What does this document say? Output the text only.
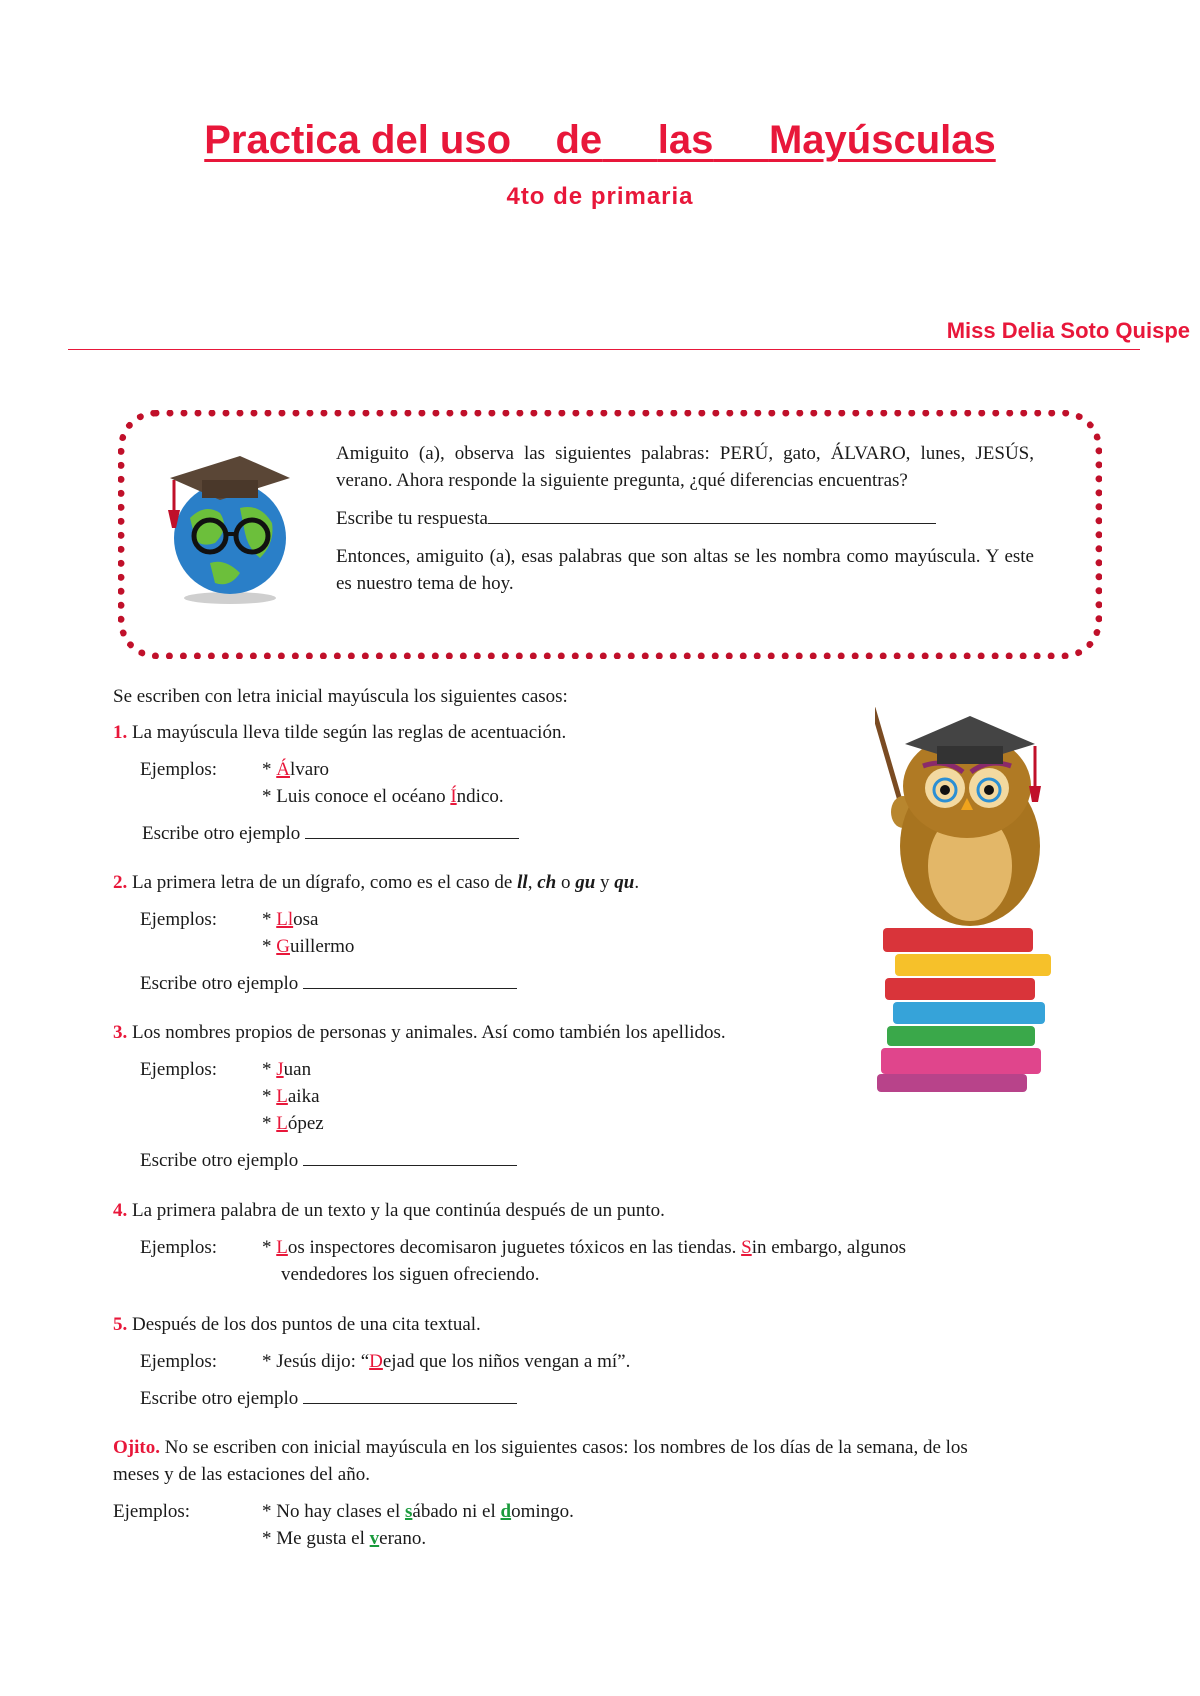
Practica del uso de las Mayúsculas
4to de primaria
Miss Delia Soto Quispe

Amiguito (a), observa las siguientes palabras: PERÚ, gato, ÁLVARO, lunes, JESÚS, verano. Ahora responde la siguiente pregunta, ¿qué diferencias encuentras?

Escribe tu respuesta

Entonces, amiguito (a), esas palabras que son altas se les nombra como mayúscula. Y este es nuestro tema de hoy.

Se escriben con letra inicial mayúscula los siguientes casos:
1. La mayúscula lleva tilde según las reglas de acentuación.
Ejemplos: * Álvaro
* Luis conoce el océano Índico.
Escribe otro ejemplo
2. La primera letra de un dígrafo, como es el caso de ll, ch o gu y qu.
Ejemplos: * Llosa
* Guillermo
Escribe otro ejemplo
3. Los nombres propios de personas y animales. Así como también los apellidos.
Ejemplos: * Juan
* Laika
* López
Escribe otro ejemplo
4. La primera palabra de un texto y la que continúa después de un punto.
Ejemplos: * Los inspectores decomisaron juguetes tóxicos en las tiendas. Sin embargo, algunos
vendedores los siguen ofreciendo.
5. Después de los dos puntos de una cita textual.
Ejemplos: * Jesús dijo: “Dejad que los niños vengan a mí”.
Escribe otro ejemplo
Ojito. No se escriben con inicial mayúscula en los siguientes casos: los nombres de los días de la semana, de los
meses y de las estaciones del año.
Ejemplos:	* No hay clases el sábado ni el domingo.
* Me gusta el verano.
